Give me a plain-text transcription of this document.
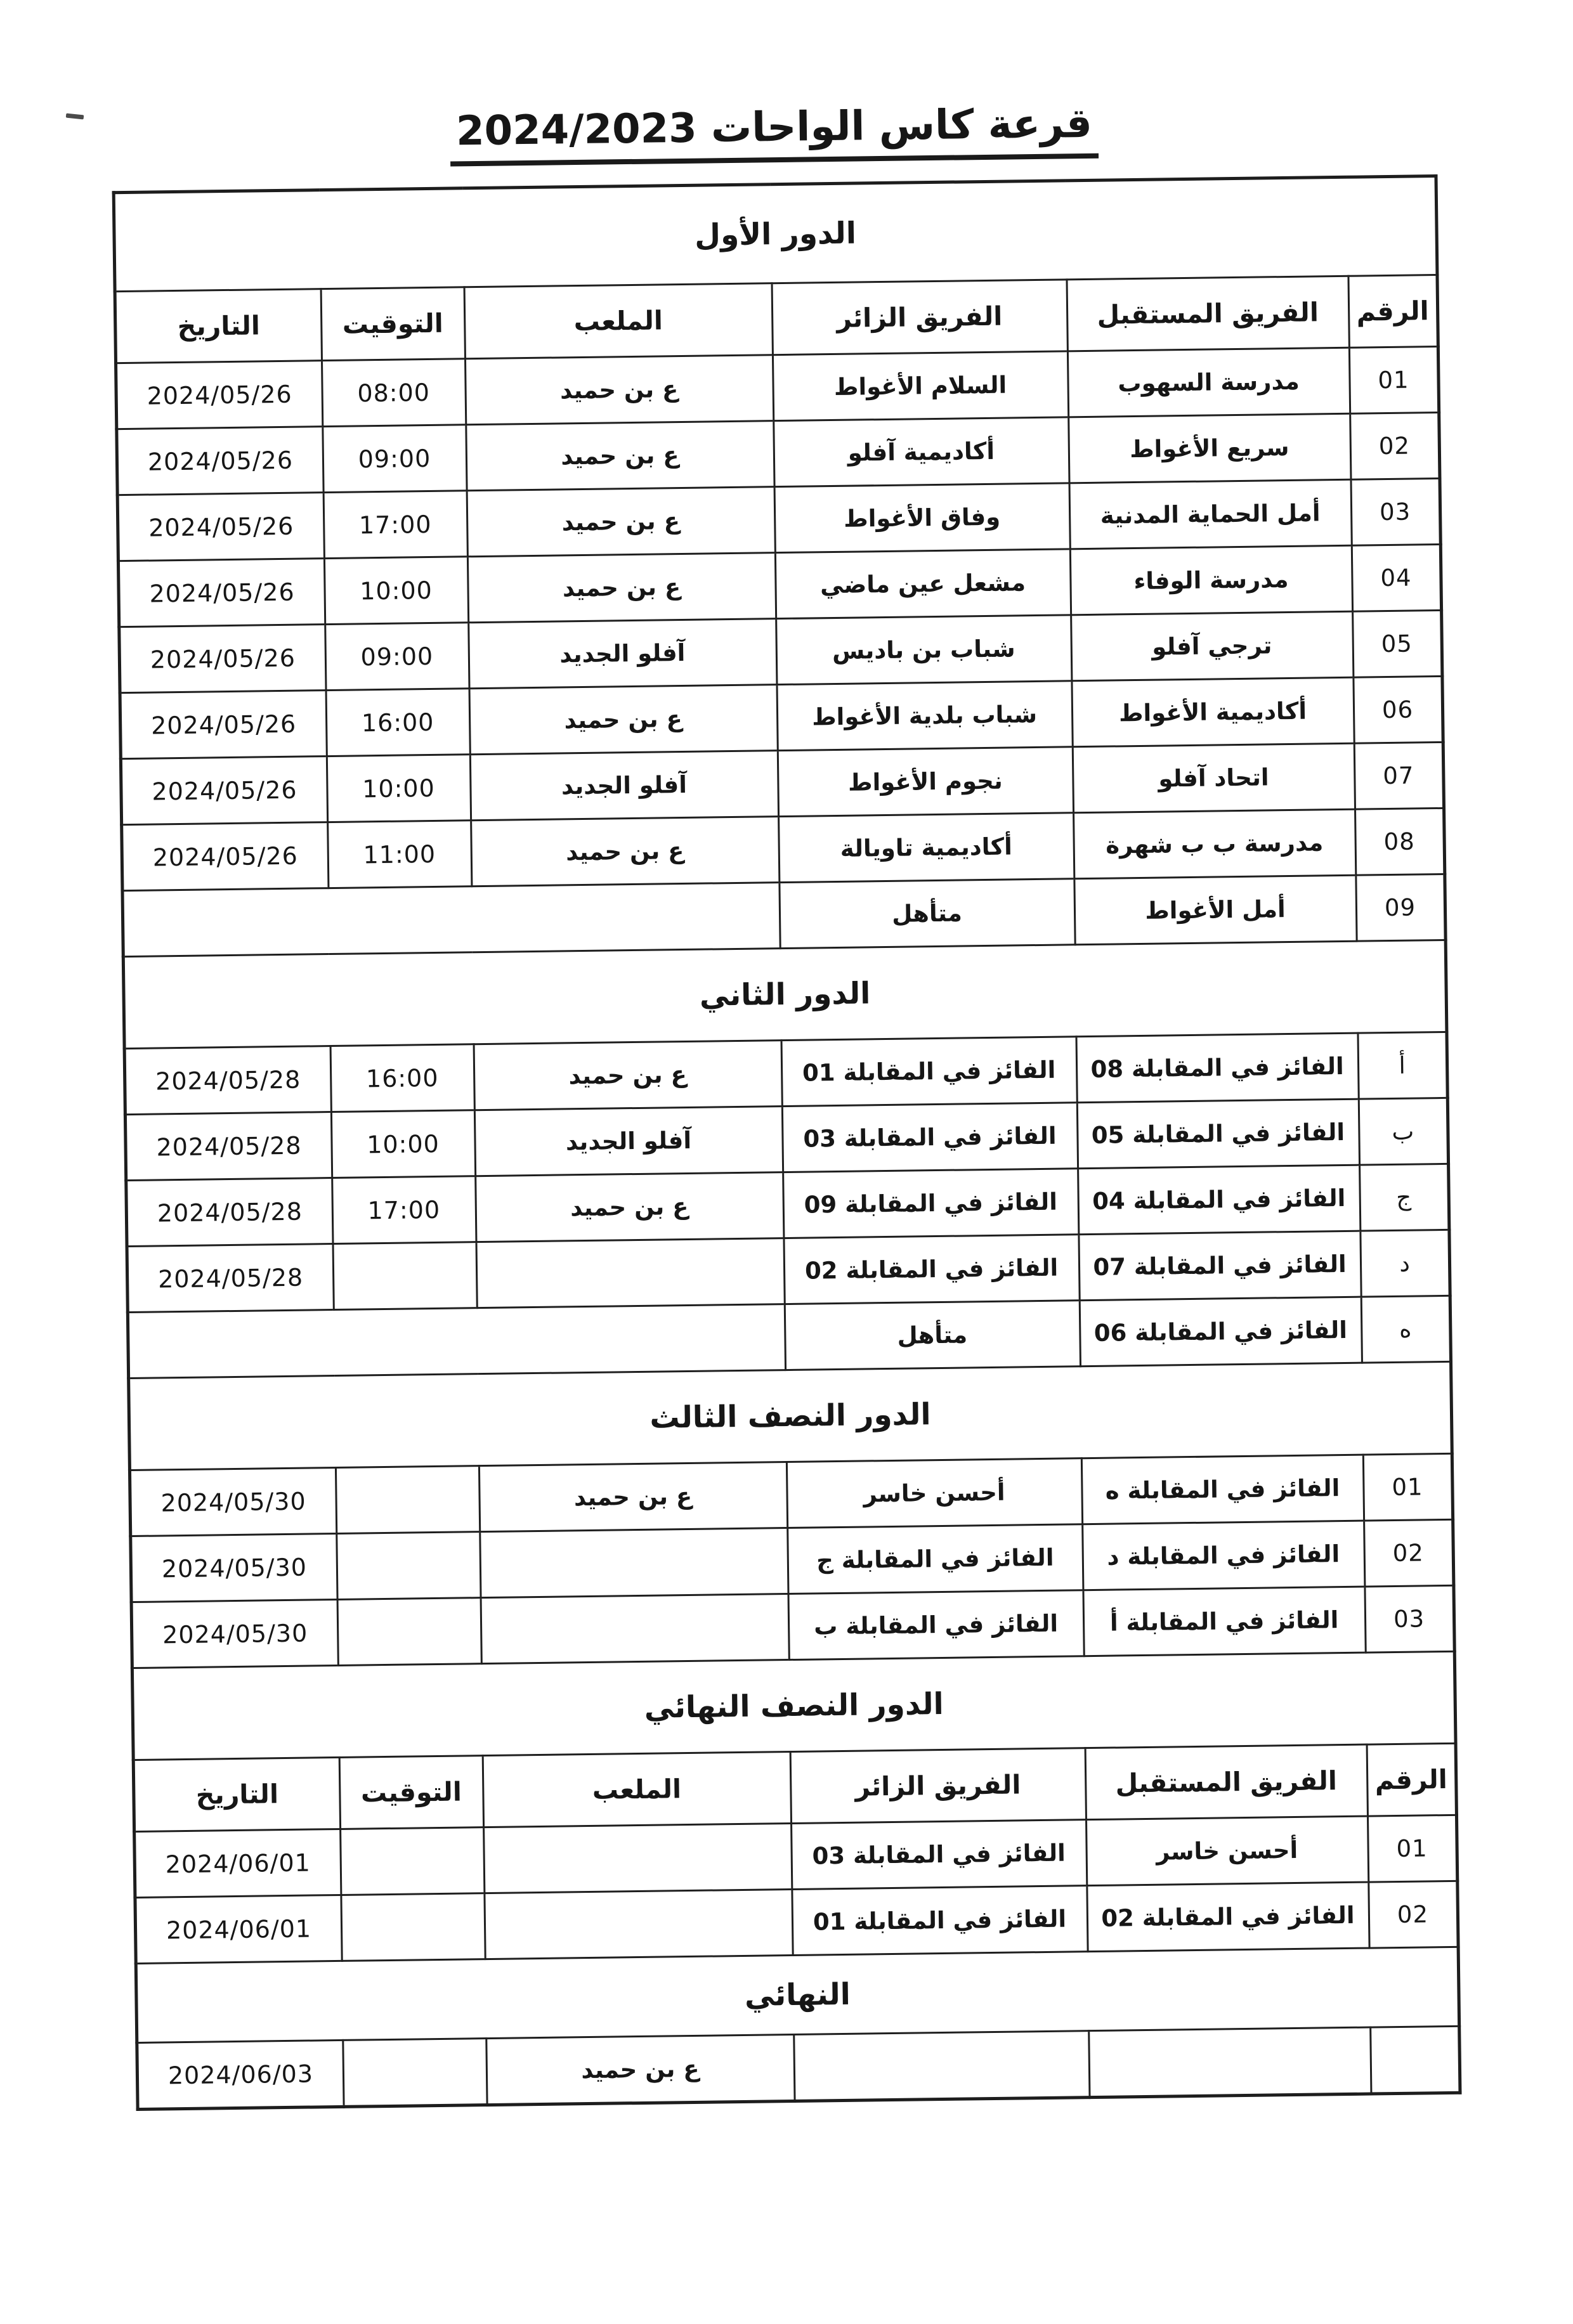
قرعة كاس الواحات 2024/2023
الدور الأول					
الرقم	الفريق المستقبل	الفريق الزائر	الملعب	التوقيت	التاريخ
01	مدرسة السهوب	السلام الأغواط	ع بن حميد	08:00	2024/05/26
02	سريع الأغواط	أكاديمية آفلو	ع بن حميد	09:00	2024/05/26
03	أمل الحماية المدنية	وفاق الأغواط	ع بن حميد	17:00	2024/05/26
04	مدرسة الوفاء	مشعل عين ماضي	ع بن حميد	10:00	2024/05/26
05	ترجي آفلو	شباب بن باديس	آفلو الجديد	09:00	2024/05/26
06	أكاديمية الأغواط	شباب بلدية الأغواط	ع بن حميد	16:00	2024/05/26
07	اتحاد آفلو	نجوم الأغواط	آفلو الجديد	10:00	2024/05/26
08	مدرسة ب ب شهرة	أكاديمية تاويالة	ع بن حميد	11:00	2024/05/26
09	أمل الأغواط	متأهل			
الدور الثاني					
أ	الفائز في المقابلة 08	الفائز في المقابلة 01	ع بن حميد	16:00	2024/05/28
ب	الفائز في المقابلة 05	الفائز في المقابلة 03	آفلو الجديد	10:00	2024/05/28
ج	الفائز في المقابلة 04	الفائز في المقابلة 09	ع بن حميد	17:00	2024/05/28
د	الفائز في المقابلة 07	الفائز في المقابلة 02			2024/05/28
ه	الفائز في المقابلة 06	متأهل			
الدور النصف الثالث					
01	الفائز في المقابلة ه	أحسن خاسر	ع بن حميد		2024/05/30
02	الفائز في المقابلة د	الفائز في المقابلة ج			2024/05/30
03	الفائز في المقابلة أ	الفائز في المقابلة ب			2024/05/30
الدور النصف النهائي					
الرقم	الفريق المستقبل	الفريق الزائر	الملعب	التوقيت	التاريخ
01	أحسن خاسر	الفائز في المقابلة 03			2024/06/01
02	الفائز في المقابلة 02	الفائز في المقابلة 01			2024/06/01
النهائي					
			ع بن حميد		2024/06/03
